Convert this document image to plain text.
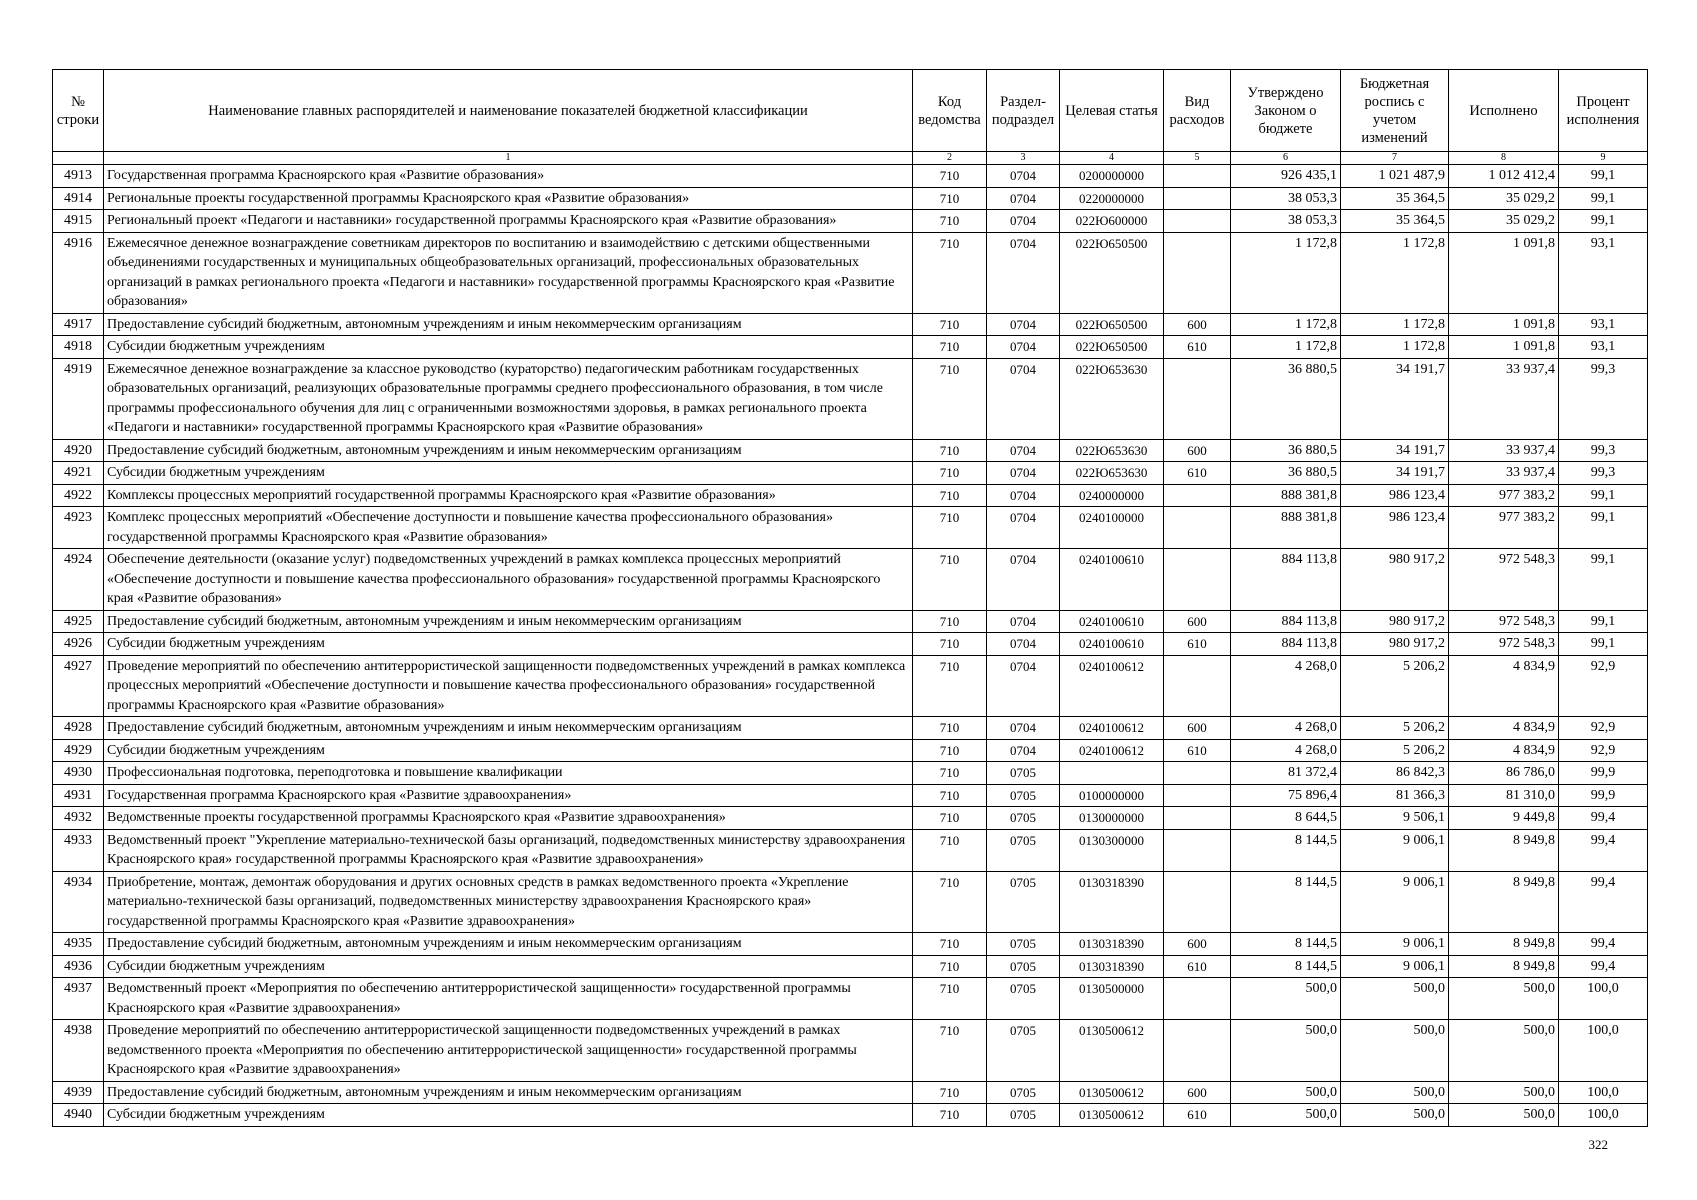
№ строки	Наименование главных распорядителей и наименование показателей бюджетной классификации	Код ведомства	Раздел-подраздел	Целевая статья	Вид расходов	Утверждено Законом о бюджете	Бюджетная роспись с учетом изменений	Исполнено	Процент исполнения
	1	2	3	4	5	6	7	8	9
4913	Государственная программа Красноярского края «Развитие образования»	710	0704	0200000000		926 435,1	1 021 487,9	1 012 412,4	99,1
4914	Региональные проекты государственной программы Красноярского края «Развитие образования»	710	0704	0220000000		38 053,3	35 364,5	35 029,2	99,1
4915	Региональный проект «Педагоги и наставники» государственной программы Красноярского края «Развитие образования»	710	0704	022Ю600000		38 053,3	35 364,5	35 029,2	99,1
4916	Ежемесячное денежное вознаграждение советникам директоров по воспитанию и взаимодействию с детскими общественными объединениями государственных и муниципальных общеобразовательных организаций, профессиональных образовательных организаций в рамках регионального проекта «Педагоги и наставники» государственной программы Красноярского края «Развитие образования»	710	0704	022Ю650500		1 172,8	1 172,8	1 091,8	93,1
4917	Предоставление субсидий бюджетным, автономным учреждениям и иным некоммерческим организациям	710	0704	022Ю650500	600	1 172,8	1 172,8	1 091,8	93,1
4918	Субсидии бюджетным учреждениям	710	0704	022Ю650500	610	1 172,8	1 172,8	1 091,8	93,1
4919	Ежемесячное денежное вознаграждение за классное руководство (кураторство) педагогическим работникам государственных образовательных организаций, реализующих образовательные программы среднего профессионального образования, в том числе программы профессионального обучения для лиц с ограниченными возможностями здоровья, в рамках регионального проекта «Педагоги и наставники» государственной программы Красноярского края «Развитие образования»	710	0704	022Ю653630		36 880,5	34 191,7	33 937,4	99,3
4920	Предоставление субсидий бюджетным, автономным учреждениям и иным некоммерческим организациям	710	0704	022Ю653630	600	36 880,5	34 191,7	33 937,4	99,3
4921	Субсидии бюджетным учреждениям	710	0704	022Ю653630	610	36 880,5	34 191,7	33 937,4	99,3
4922	Комплексы процессных мероприятий государственной программы Красноярского края «Развитие образования»	710	0704	0240000000		888 381,8	986 123,4	977 383,2	99,1
4923	Комплекс процессных мероприятий «Обеспечение доступности и повышение качества профессионального образования» государственной программы Красноярского края «Развитие образования»	710	0704	0240100000		888 381,8	986 123,4	977 383,2	99,1
4924	Обеспечение деятельности (оказание услуг) подведомственных учреждений в рамках комплекса процессных мероприятий «Обеспечение доступности и повышение качества профессионального образования» государственной программы Красноярского края «Развитие образования»	710	0704	0240100610		884 113,8	980 917,2	972 548,3	99,1
4925	Предоставление субсидий бюджетным, автономным учреждениям и иным некоммерческим организациям	710	0704	0240100610	600	884 113,8	980 917,2	972 548,3	99,1
4926	Субсидии бюджетным учреждениям	710	0704	0240100610	610	884 113,8	980 917,2	972 548,3	99,1
4927	Проведение мероприятий по обеспечению антитеррористической защищенности подведомственных учреждений в рамках комплекса процессных мероприятий «Обеспечение доступности и повышение качества профессионального образования» государственной программы Красноярского края «Развитие образования»	710	0704	0240100612		4 268,0	5 206,2	4 834,9	92,9
4928	Предоставление субсидий бюджетным, автономным учреждениям и иным некоммерческим организациям	710	0704	0240100612	600	4 268,0	5 206,2	4 834,9	92,9
4929	Субсидии бюджетным учреждениям	710	0704	0240100612	610	4 268,0	5 206,2	4 834,9	92,9
4930	Профессиональная подготовка, переподготовка и повышение квалификации	710	0705			81 372,4	86 842,3	86 786,0	99,9
4931	Государственная программа Красноярского края «Развитие здравоохранения»	710	0705	0100000000		75 896,4	81 366,3	81 310,0	99,9
4932	Ведомственные проекты государственной программы Красноярского края «Развитие здравоохранения»	710	0705	0130000000		8 644,5	9 506,1	9 449,8	99,4
4933	Ведомственный проект "Укрепление материально-технической базы организаций, подведомственных министерству здравоохранения Красноярского края» государственной программы Красноярского края «Развитие здравоохранения»	710	0705	0130300000		8 144,5	9 006,1	8 949,8	99,4
4934	Приобретение, монтаж, демонтаж оборудования и других основных средств в рамках ведомственного проекта «Укрепление материально-технической базы организаций, подведомственных министерству здравоохранения Красноярского края» государственной программы Красноярского края «Развитие здравоохранения»	710	0705	0130318390		8 144,5	9 006,1	8 949,8	99,4
4935	Предоставление субсидий бюджетным, автономным учреждениям и иным некоммерческим организациям	710	0705	0130318390	600	8 144,5	9 006,1	8 949,8	99,4
4936	Субсидии бюджетным учреждениям	710	0705	0130318390	610	8 144,5	9 006,1	8 949,8	99,4
4937	Ведомственный проект «Мероприятия по обеспечению антитеррористической защищенности» государственной программы Красноярского края «Развитие здравоохранения»	710	0705	0130500000		500,0	500,0	500,0	100,0
4938	Проведение мероприятий по обеспечению антитеррористической защищенности подведомственных учреждений в рамках ведомственного проекта «Мероприятия по обеспечению антитеррористической защищенности» государственной программы Красноярского края «Развитие здравоохранения»	710	0705	0130500612		500,0	500,0	500,0	100,0
4939	Предоставление субсидий бюджетным, автономным учреждениям и иным некоммерческим организациям	710	0705	0130500612	600	500,0	500,0	500,0	100,0
4940	Субсидии бюджетным учреждениям	710	0705	0130500612	610	500,0	500,0	500,0	100,0
322
